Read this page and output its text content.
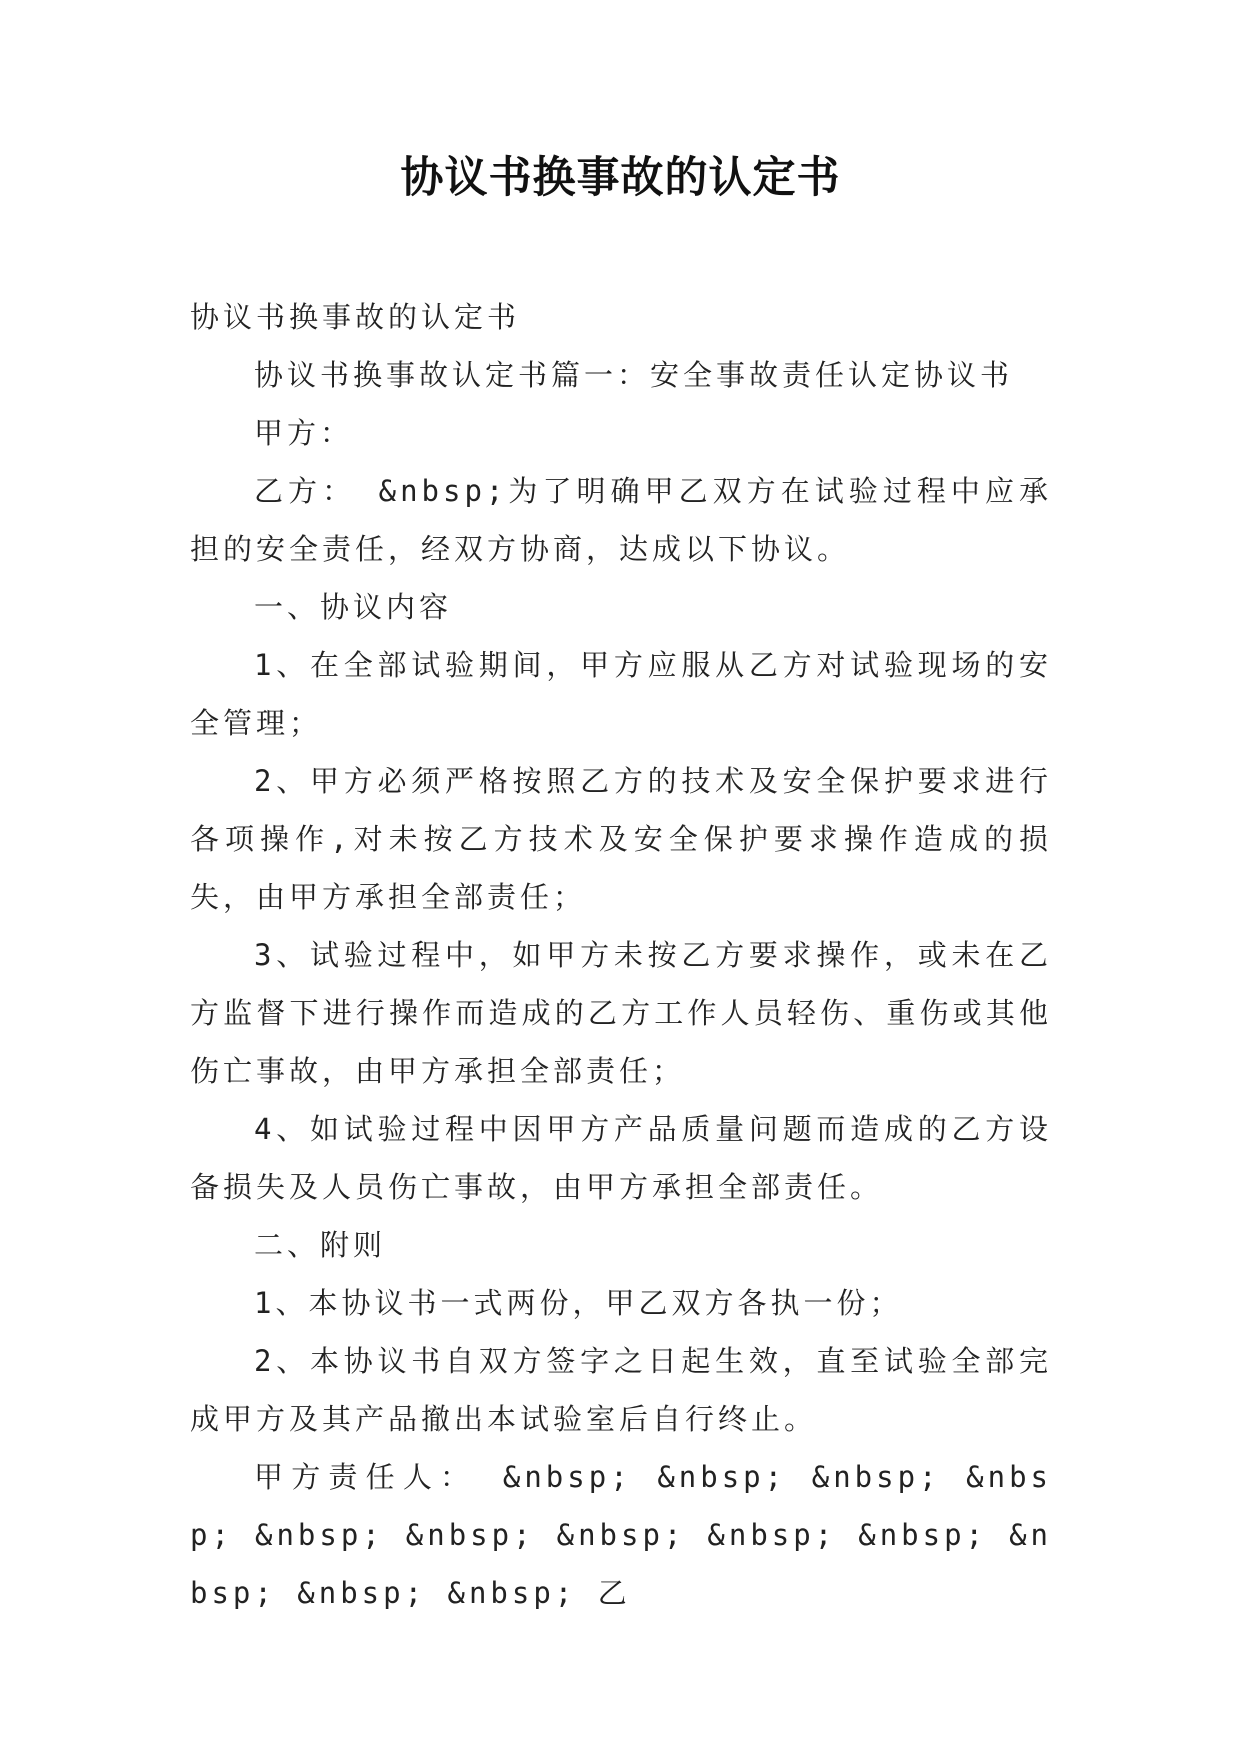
协议书换事故的认定书

协议书换事故的认定书

协议书换事故认定书篇一：安全事故责任认定协议书

甲方：

乙方： &nbsp;为了明确甲乙双方在试验过程中应承担的安全责任，经双方协商，达成以下协议。

一、协议内容

1、在全部试验期间，甲方应服从乙方对试验现场的安全管理；

2、甲方必须严格按照乙方的技术及安全保护要求进行各项操作,对未按乙方技术及安全保护要求操作造成的损失，由甲方承担全部责任；

3、试验过程中，如甲方未按乙方要求操作，或未在乙方监督下进行操作而造成的乙方工作人员轻伤、重伤或其他伤亡事故，由甲方承担全部责任；

4、如试验过程中因甲方产品质量问题而造成的乙方设备损失及人员伤亡事故，由甲方承担全部责任。

二、附则

1、本协议书一式两份，甲乙双方各执一份；

2、本协议书自双方签字之日起生效，直至试验全部完成甲方及其产品撤出本试验室后自行终止。

甲方责任人： &nbsp; &nbsp; &nbsp; &nbsp; &nbsp; &nbsp; &nbsp; &nbsp; &nbsp; &nbsp; &nbsp; &nbsp; 乙
